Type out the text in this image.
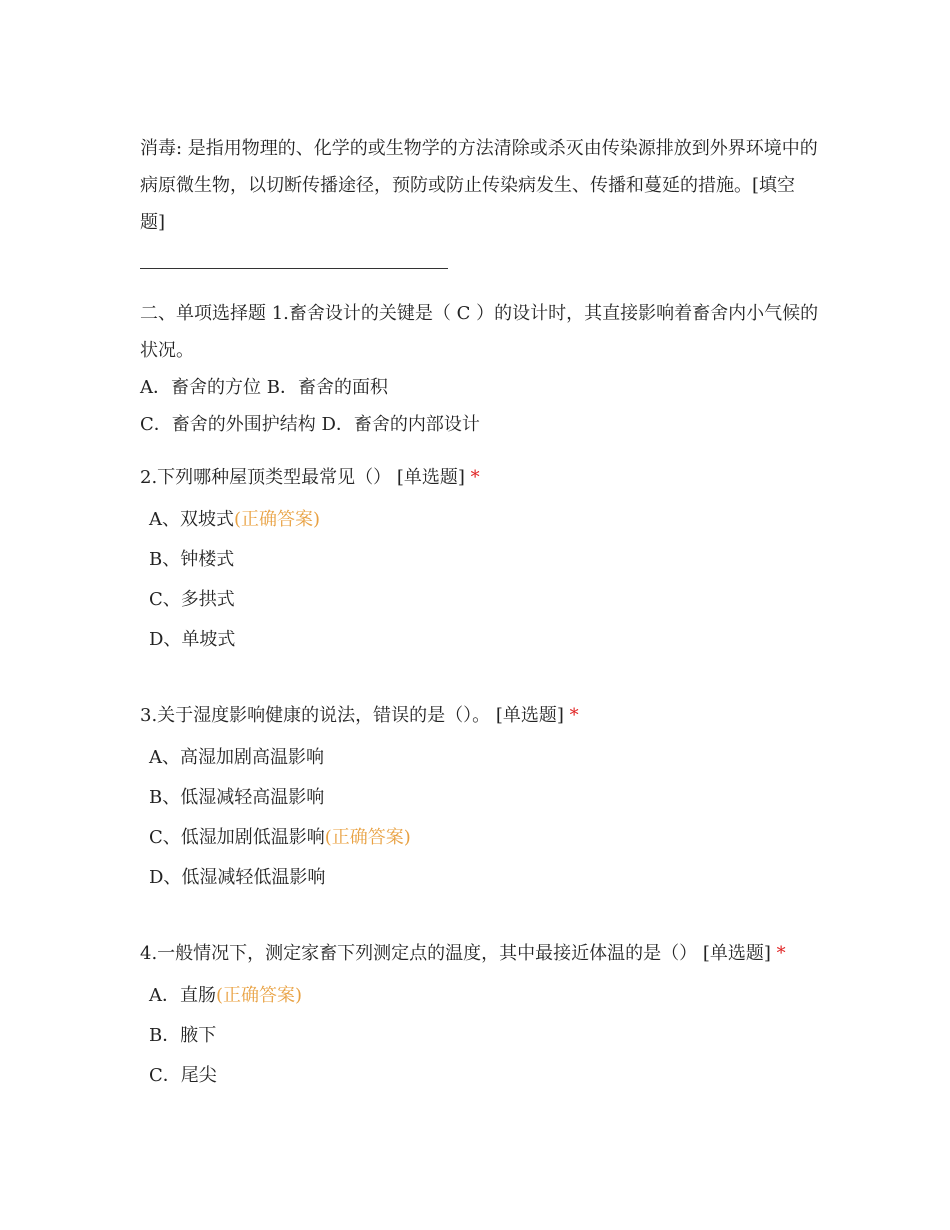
消毒: 是指用物理的、化学的或生物学的方法清除或杀灭由传染源排放到外界环境中的病原微生物，以切断传播途径，预防或防止传染病发生、传播和蔓延的措施。[填空题]

二、单项选择题 1.畜舍设计的关键是（ C ）的设计时，其直接影响着畜舍内小气候的状况。

A．畜舍的方位 B．畜舍的面积

C．畜舍的外围护结构 D．畜舍的内部设计

2.下列哪种屋顶类型最常见（） [单选题] *

A、双坡式(正确答案)

B、钟楼式

C、多拱式

D、单坡式

3.关于湿度影响健康的说法，错误的是（）。 [单选题] *

A、高湿加剧高温影响

B、低湿减轻高温影响

C、低湿加剧低温影响(正确答案)

D、低湿减轻低温影响

4.一般情况下，测定家畜下列测定点的温度，其中最接近体温的是（） [单选题] *

A．直肠(正确答案)

B．腋下

C．尾尖
